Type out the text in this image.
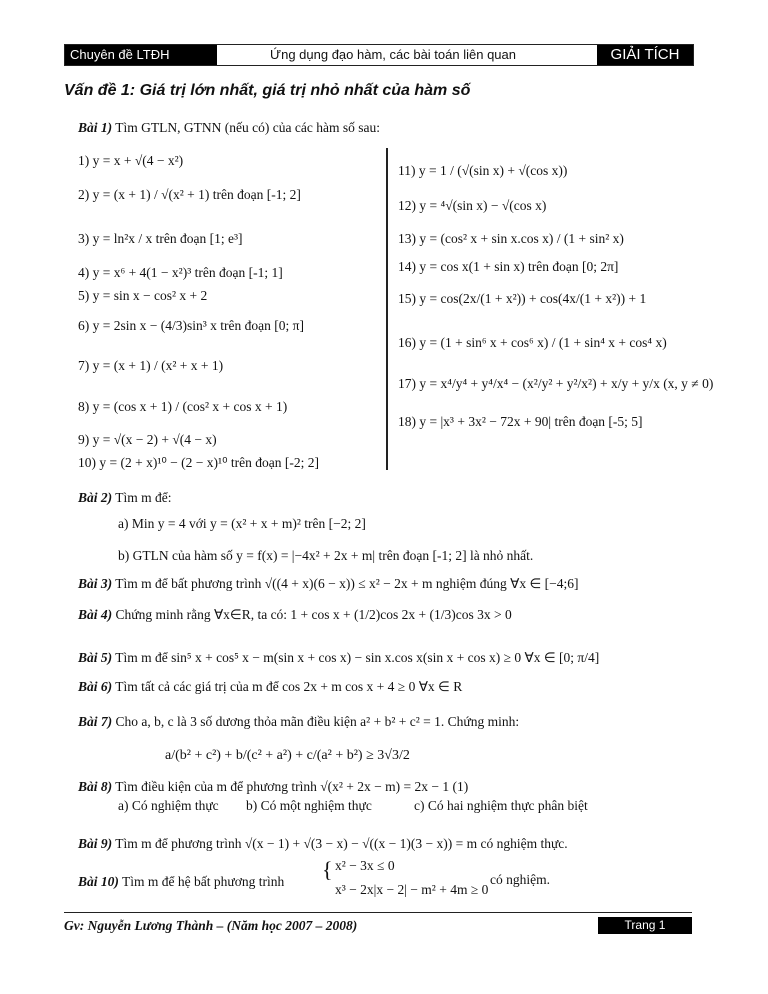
Chuyên đề LTĐH	Ứng dụng đạo hàm, các bài toán liên quan	GIẢI TÍCH
Vấn đề 1: Giá trị lớn nhất, giá trị nhỏ nhất của hàm số
Bài 1) Tìm GTLN, GTNN (nếu có) của các hàm số sau:
1) y = x + √(4 − x²)
2) y = (x + 1) / √(x² + 1) trên đoạn [-1; 2]
3) y = ln²x / x trên đoạn [1; e³]
4) y = x⁶ + 4(1 − x²)³ trên đoạn [-1; 1]
5) y = sin x − cos² x + 2
6) y = 2sin x − (4/3)sin³ x trên đoạn [0; π]
7) y = (x + 1) / (x² + x + 1)
8) y = (cos x + 1) / (cos² x + cos x + 1)
9) y = √(x − 2) + √(4 − x)
10) y = (2 + x)¹⁰ − (2 − x)¹⁰ trên đoạn [-2; 2]
11) y = 1 / (√(sin x) + √(cos x))
12) y = ⁴√(sin x) − √(cos x)
13) y = (cos² x + sin x.cos x) / (1 + sin² x)
14) y = cos x(1 + sin x) trên đoạn [0; 2π]
15) y = cos(2x/(1 + x²)) + cos(4x/(1 + x²)) + 1
16) y = (1 + sin⁶ x + cos⁶ x) / (1 + sin⁴ x + cos⁴ x)
17) y = x⁴/y⁴ + y⁴/x⁴ − (x²/y² + y²/x²) + x/y + y/x (x, y ≠ 0)
18) y = |x³ + 3x² − 72x + 90| trên đoạn [-5; 5]
Bài 2) Tìm m để:
a) Min y = 4 với y = (x² + x + m)² trên [−2; 2]
b) GTLN của hàm số y = f(x) = |−4x² + 2x + m| trên đoạn [-1; 2] là nhỏ nhất.
Bài 3) Tìm m để bất phương trình √((4 + x)(6 − x)) ≤ x² − 2x + m nghiệm đúng ∀x ∈ [−4;6]
Bài 4) Chứng minh rằng ∀x∈R, ta có: 1 + cos x + (1/2)cos 2x + (1/3)cos 3x > 0
Bài 5) Tìm m để sin⁵ x + cos⁵ x − m(sin x + cos x) − sin x.cos x(sin x + cos x) ≥ 0 ∀x ∈ [0; π/4]
Bài 6) Tìm tất cả các giá trị của m để cos 2x + m cos x + 4 ≥ 0 ∀x ∈ R
Bài 7) Cho a, b, c là 3 số dương thỏa mãn điều kiện a² + b² + c² = 1. Chứng minh:
a/(b² + c²) + b/(c² + a²) + c/(a² + b²) ≥ 3√3/2
Bài 8) Tìm điều kiện của m để phương trình √(x² + 2x − m) = 2x − 1 (1)
a) Có nghiệm thực b) Có một nghiệm thực	c) Có hai nghiệm thực phân biệt
Bài 9) Tìm m để phương trình √(x − 1) + √(3 − x) − √((x − 1)(3 − x)) = m có nghiệm thực.
Bài 10) Tìm m để hệ bất phương trình { x² − 3x ≤ 0
x³ − 2x|x − 2| − m² + 4m ≥ 0
có nghiệm.
Gv: Nguyễn Lương Thành – (Năm học 2007 – 2008)	Trang 1
